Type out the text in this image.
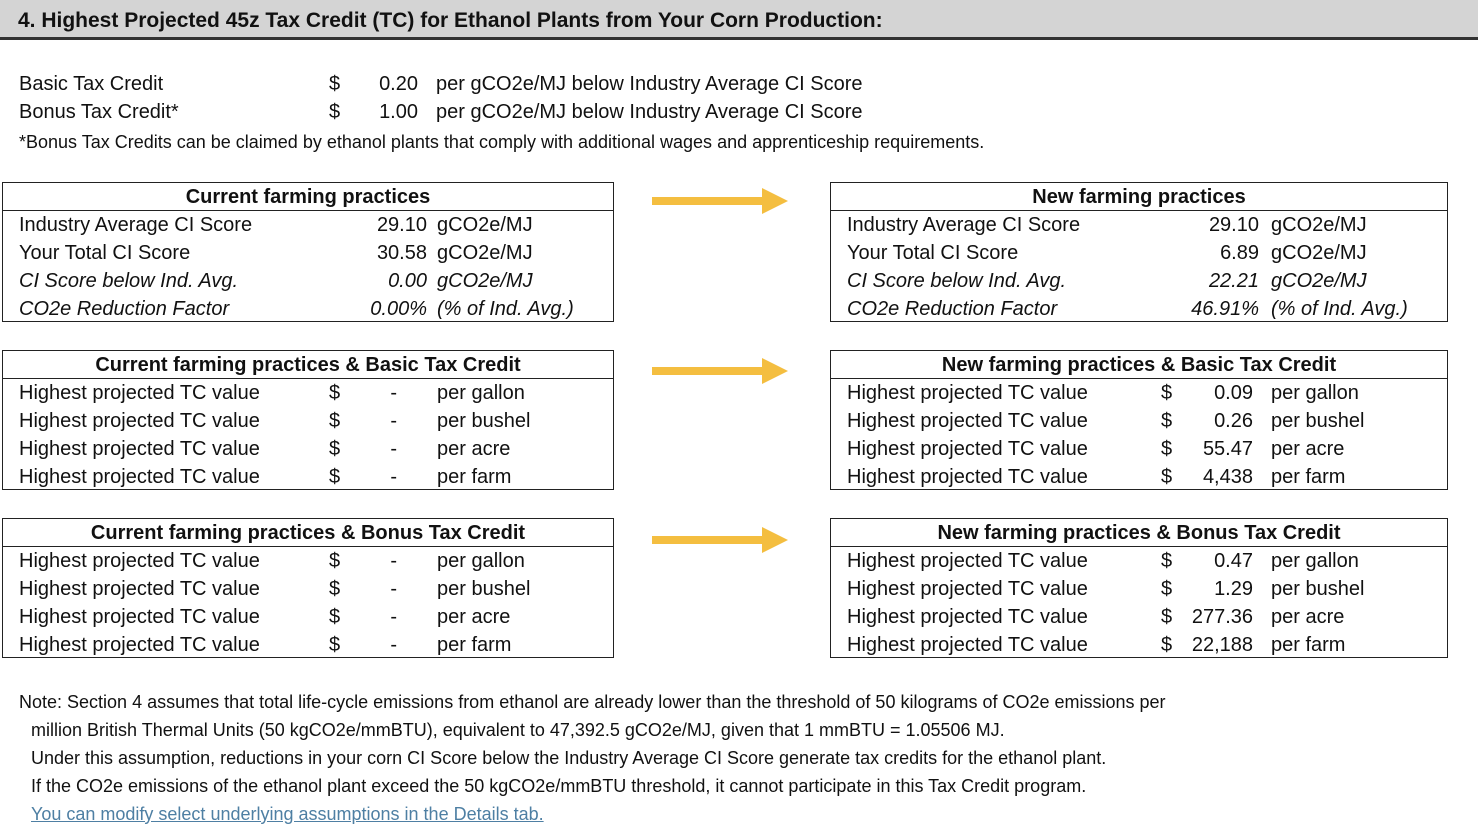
4. Highest Projected 45z Tax Credit (TC) for Ethanol Plants from Your Corn Production:
Basic Tax Credit	$	0.20 per gCO2e/MJ below Industry Average CI Score
Bonus Tax Credit*	$	1.00 per gCO2e/MJ below Industry Average CI Score
*Bonus Tax Credits can be claimed by ethanol plants that comply with additional wages and apprenticeship requirements.
Current farming practices
Industry Average CI Score	29.10 gCO2e/MJ
Your Total CI Score	30.58 gCO2e/MJ
CI Score below Ind. Avg.	0.00 gCO2e/MJ
CO2e Reduction Factor	0.00% (% of Ind. Avg.)
New farming practices
Industry Average CI Score	29.10 gCO2e/MJ
Your Total CI Score	6.89 gCO2e/MJ
CI Score below Ind. Avg.	22.21 gCO2e/MJ
CO2e Reduction Factor	46.91% (% of Ind. Avg.)
Current farming practices & Basic Tax Credit
Highest projected TC value	$	- per gallon
Highest projected TC value	$	- per bushel
Highest projected TC value	$	- per acre
Highest projected TC value	$	- per farm
New farming practices & Basic Tax Credit
Highest projected TC value	$	0.09 per gallon
Highest projected TC value	$	0.26 per bushel
Highest projected TC value	$	55.47 per acre
Highest projected TC value	$	4,438 per farm
Current farming practices & Bonus Tax Credit
Highest projected TC value	$	- per gallon
Highest projected TC value	$	- per bushel
Highest projected TC value	$	- per acre
Highest projected TC value	$	- per farm
New farming practices & Bonus Tax Credit
Highest projected TC value	$	0.47 per gallon
Highest projected TC value	$	1.29 per bushel
Highest projected TC value	$ 277.36 per acre
Highest projected TC value	$ 22,188 per farm
Note: Section 4 assumes that total life-cycle emissions from ethanol are already lower than the threshold of 50 kilograms of CO2e emissions per
million British Thermal Units (50 kgCO2e/mmBTU), equivalent to 47,392.5 gCO2e/MJ, given that 1 mmBTU = 1.05506 MJ.
Under this assumption, reductions in your corn CI Score below the Industry Average CI Score generate tax credits for the ethanol plant.
If the CO2e emissions of the ethanol plant exceed the 50 kgCO2e/mmBTU threshold, it cannot participate in this Tax Credit program.
You can modify select underlying assumptions in the Details tab.
